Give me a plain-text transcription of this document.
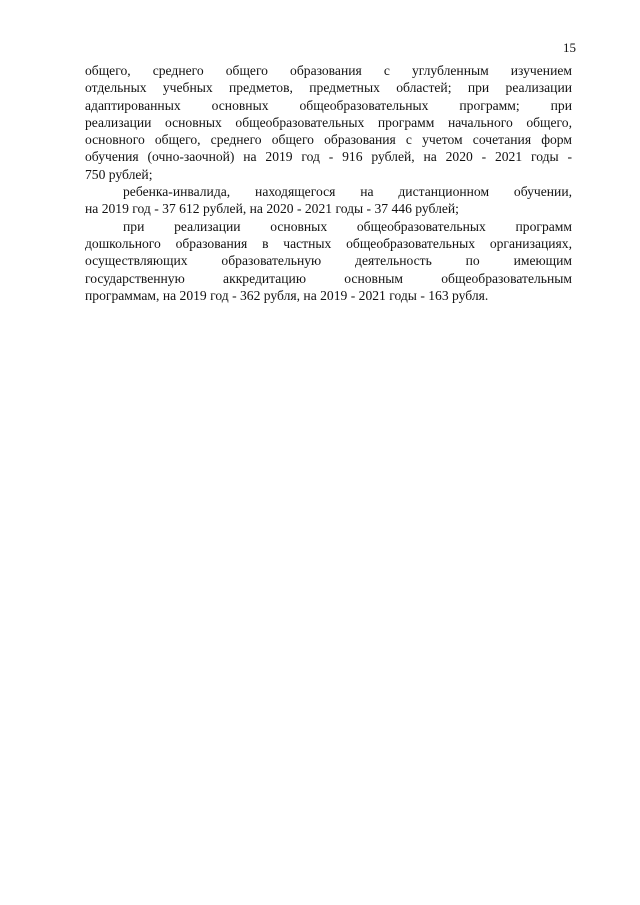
15
общего, среднего общего образования с углубленным изучением
отдельных учебных предметов, предметных областей; при реализации
адаптированных основных общеобразовательных программ; при
реализации основных общеобразовательных программ начального общего,
основного общего, среднего общего образования с учетом сочетания форм
обучения (очно-заочной) на 2019 год - 916 рублей, на 2020 - 2021 годы -
750 рублей;
ребенка-инвалида, находящегося на дистанционном обучении,
на 2019 год - 37 612 рублей, на 2020 - 2021 годы - 37 446 рублей;
при реализации основных общеобразовательных программ
дошкольного образования в частных общеобразовательных организациях,
осуществляющих образовательную деятельность по имеющим
государственную аккредитацию основным общеобразовательным
программам, на 2019 год - 362 рубля, на 2019 - 2021 годы - 163 рубля.
